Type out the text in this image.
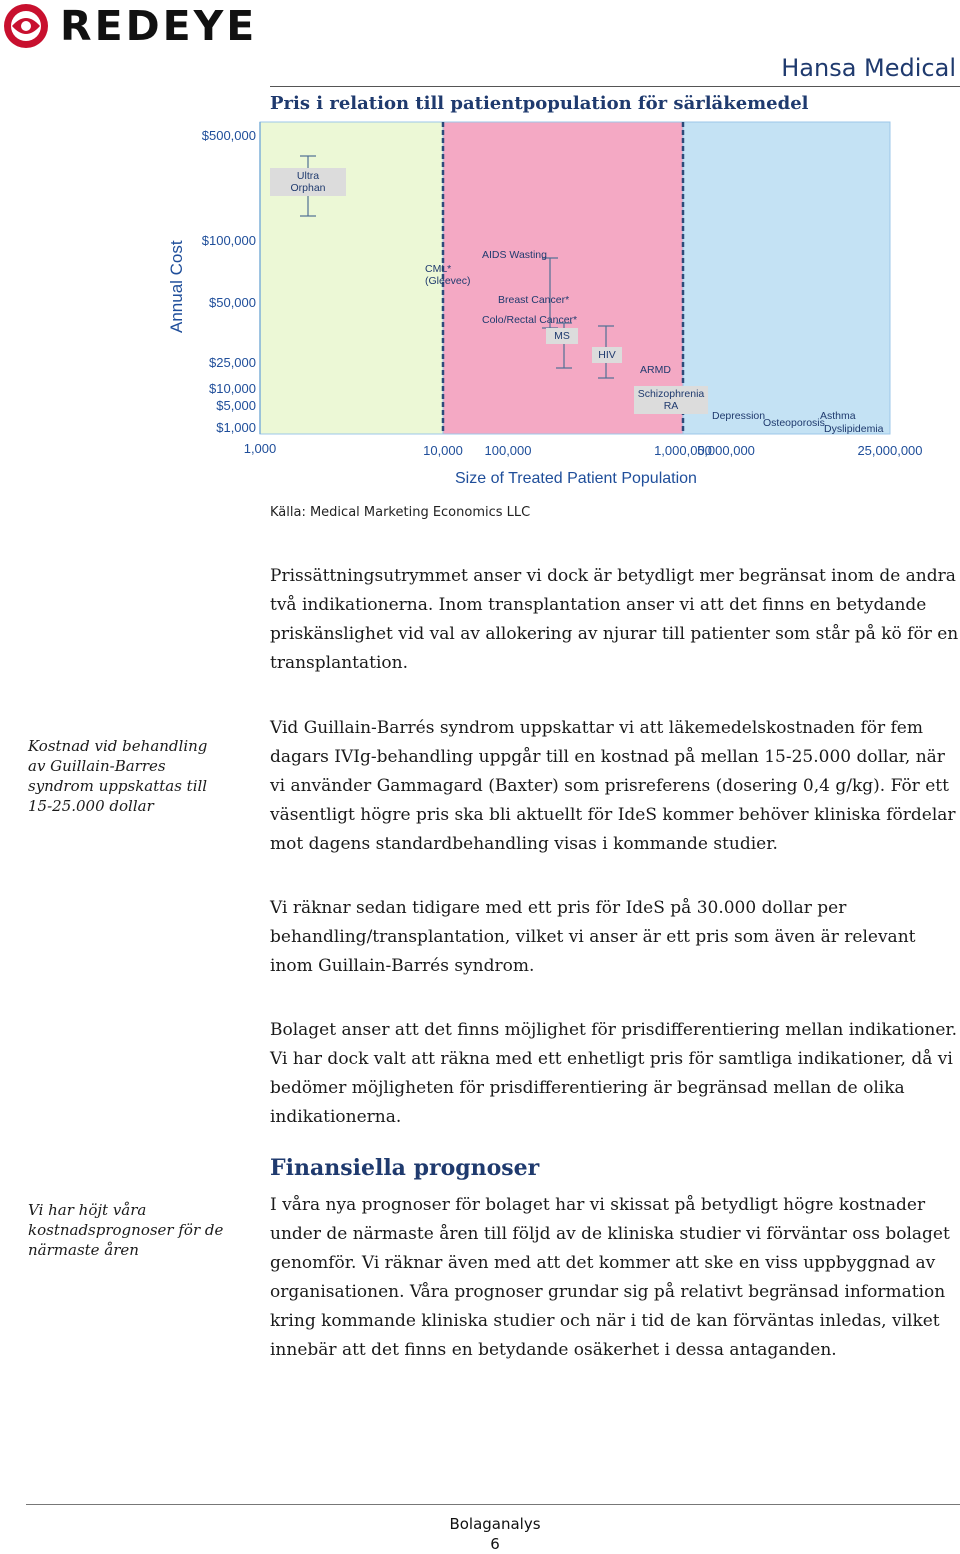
REDEYE
Hansa Medical
Pris i relation till patientpopulation för särläkemedel
$500,000
$100,000
$50,000
$25,000
$10,000
$5,000
$1,000
1,000	10,000 100,000	1,000,000
5,000,000	25,000,000
Ultra
Orphan
CML*
(Gleevec)
AIDS Wasting
Breast Cancer*
Colo/Rectal Cancer*
MS
HIV
ARMD
Schizophrenia
RA
Depression
Osteoporosis
Asthma
Dyslipidemia
Annual Cost
Size of Treated Patient Population
Källa: Medical Marketing Economics LLC
Prissättningsutrymmet anser vi dock är betydligt mer begränsat inom de andra två indikationerna. Inom transplantation anser vi att det finns en betydande priskänslighet vid val av allokering av njurar till patienter som står på kö för en transplantation.
Kostnad vid behandling av Guillain-Barres syndrom uppskattas till 15-25.000 dollar
Vid Guillain-Barrés syndrom uppskattar vi att läkemedelskostnaden för fem dagars IVIg-behandling uppgår till en kostnad på mellan 15-25.000 dollar, när vi använder Gammagard (Baxter) som prisreferens (dosering 0,4 g/kg). För ett väsentligt högre pris ska bli aktuellt för IdeS kommer behöver kliniska fördelar mot dagens standardbehandling visas i kommande studier.
Vi räknar sedan tidigare med ett pris för IdeS på 30.000 dollar per behandling/transplantation, vilket vi anser är ett pris som även är relevant inom Guillain-Barrés syndrom.
Bolaget anser att det finns möjlighet för prisdifferentiering mellan indikationer. Vi har dock valt att räkna med ett enhetligt pris för samtliga indikationer, då vi bedömer möjligheten för prisdifferentiering är begränsad mellan de olika indikationerna.
Finansiella prognoser
Vi har höjt våra kostnadsprognoser för de närmaste åren
I våra nya prognoser för bolaget har vi skissat på betydligt högre kostnader under de närmaste åren till följd av de kliniska studier vi förväntar oss bolaget genomför. Vi räknar även med att det kommer att ske en viss uppbyggnad av organisationen. Våra prognoser grundar sig på relativt begränsad information kring kommande kliniska studier och när i tid de kan förväntas inledas, vilket innebär att det finns en betydande osäkerhet i dessa antaganden.
Bolaganalys
6
